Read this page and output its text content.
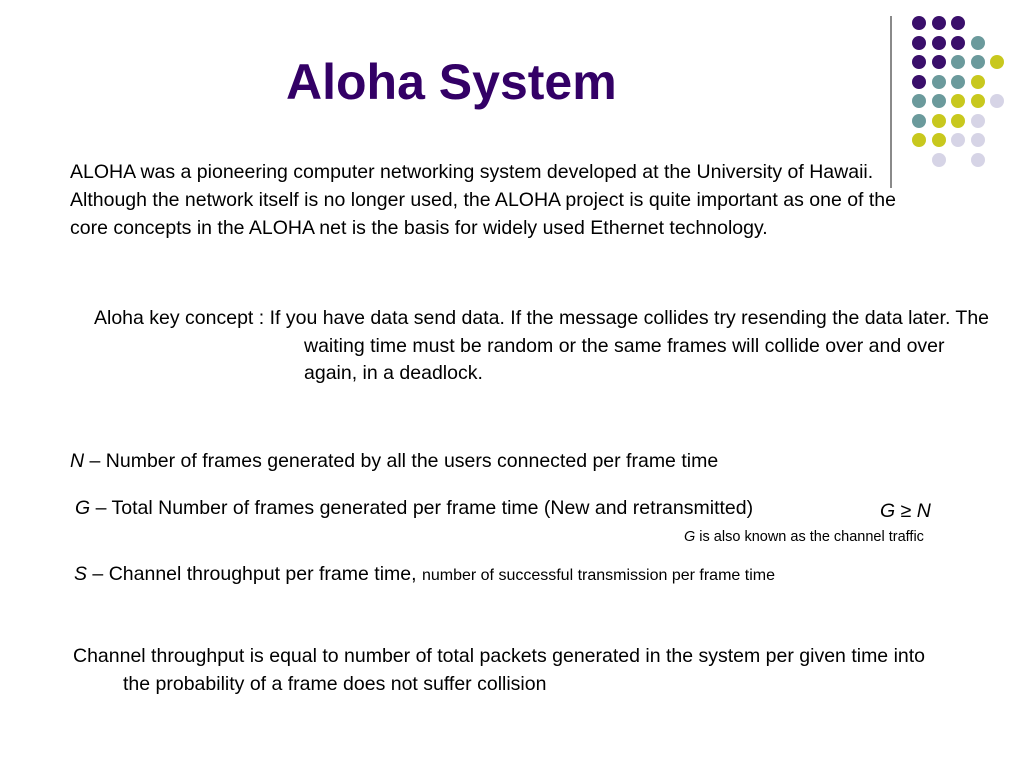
Aloha System
ALOHA was a pioneering computer networking system developed at the University of Hawaii. Although the network itself is no longer used, the ALOHA project is quite important as one of the core concepts in the ALOHA net is the basis for widely used Ethernet technology.
Aloha key concept : If you have data send data. If the message collides try resending the data later. The waiting time must be random or the same frames will collide over and over again, in a deadlock.
N – Number of frames generated by all the users connected per frame time
G – Total Number of frames generated per frame time (New and retransmitted)	G ≥ N
G is also known as the channel traffic
S – Channel throughput per frame time, number of successful transmission per frame time
Channel throughput is equal to number of total packets generated in the system per given time into the probability of a frame does not suffer collision
